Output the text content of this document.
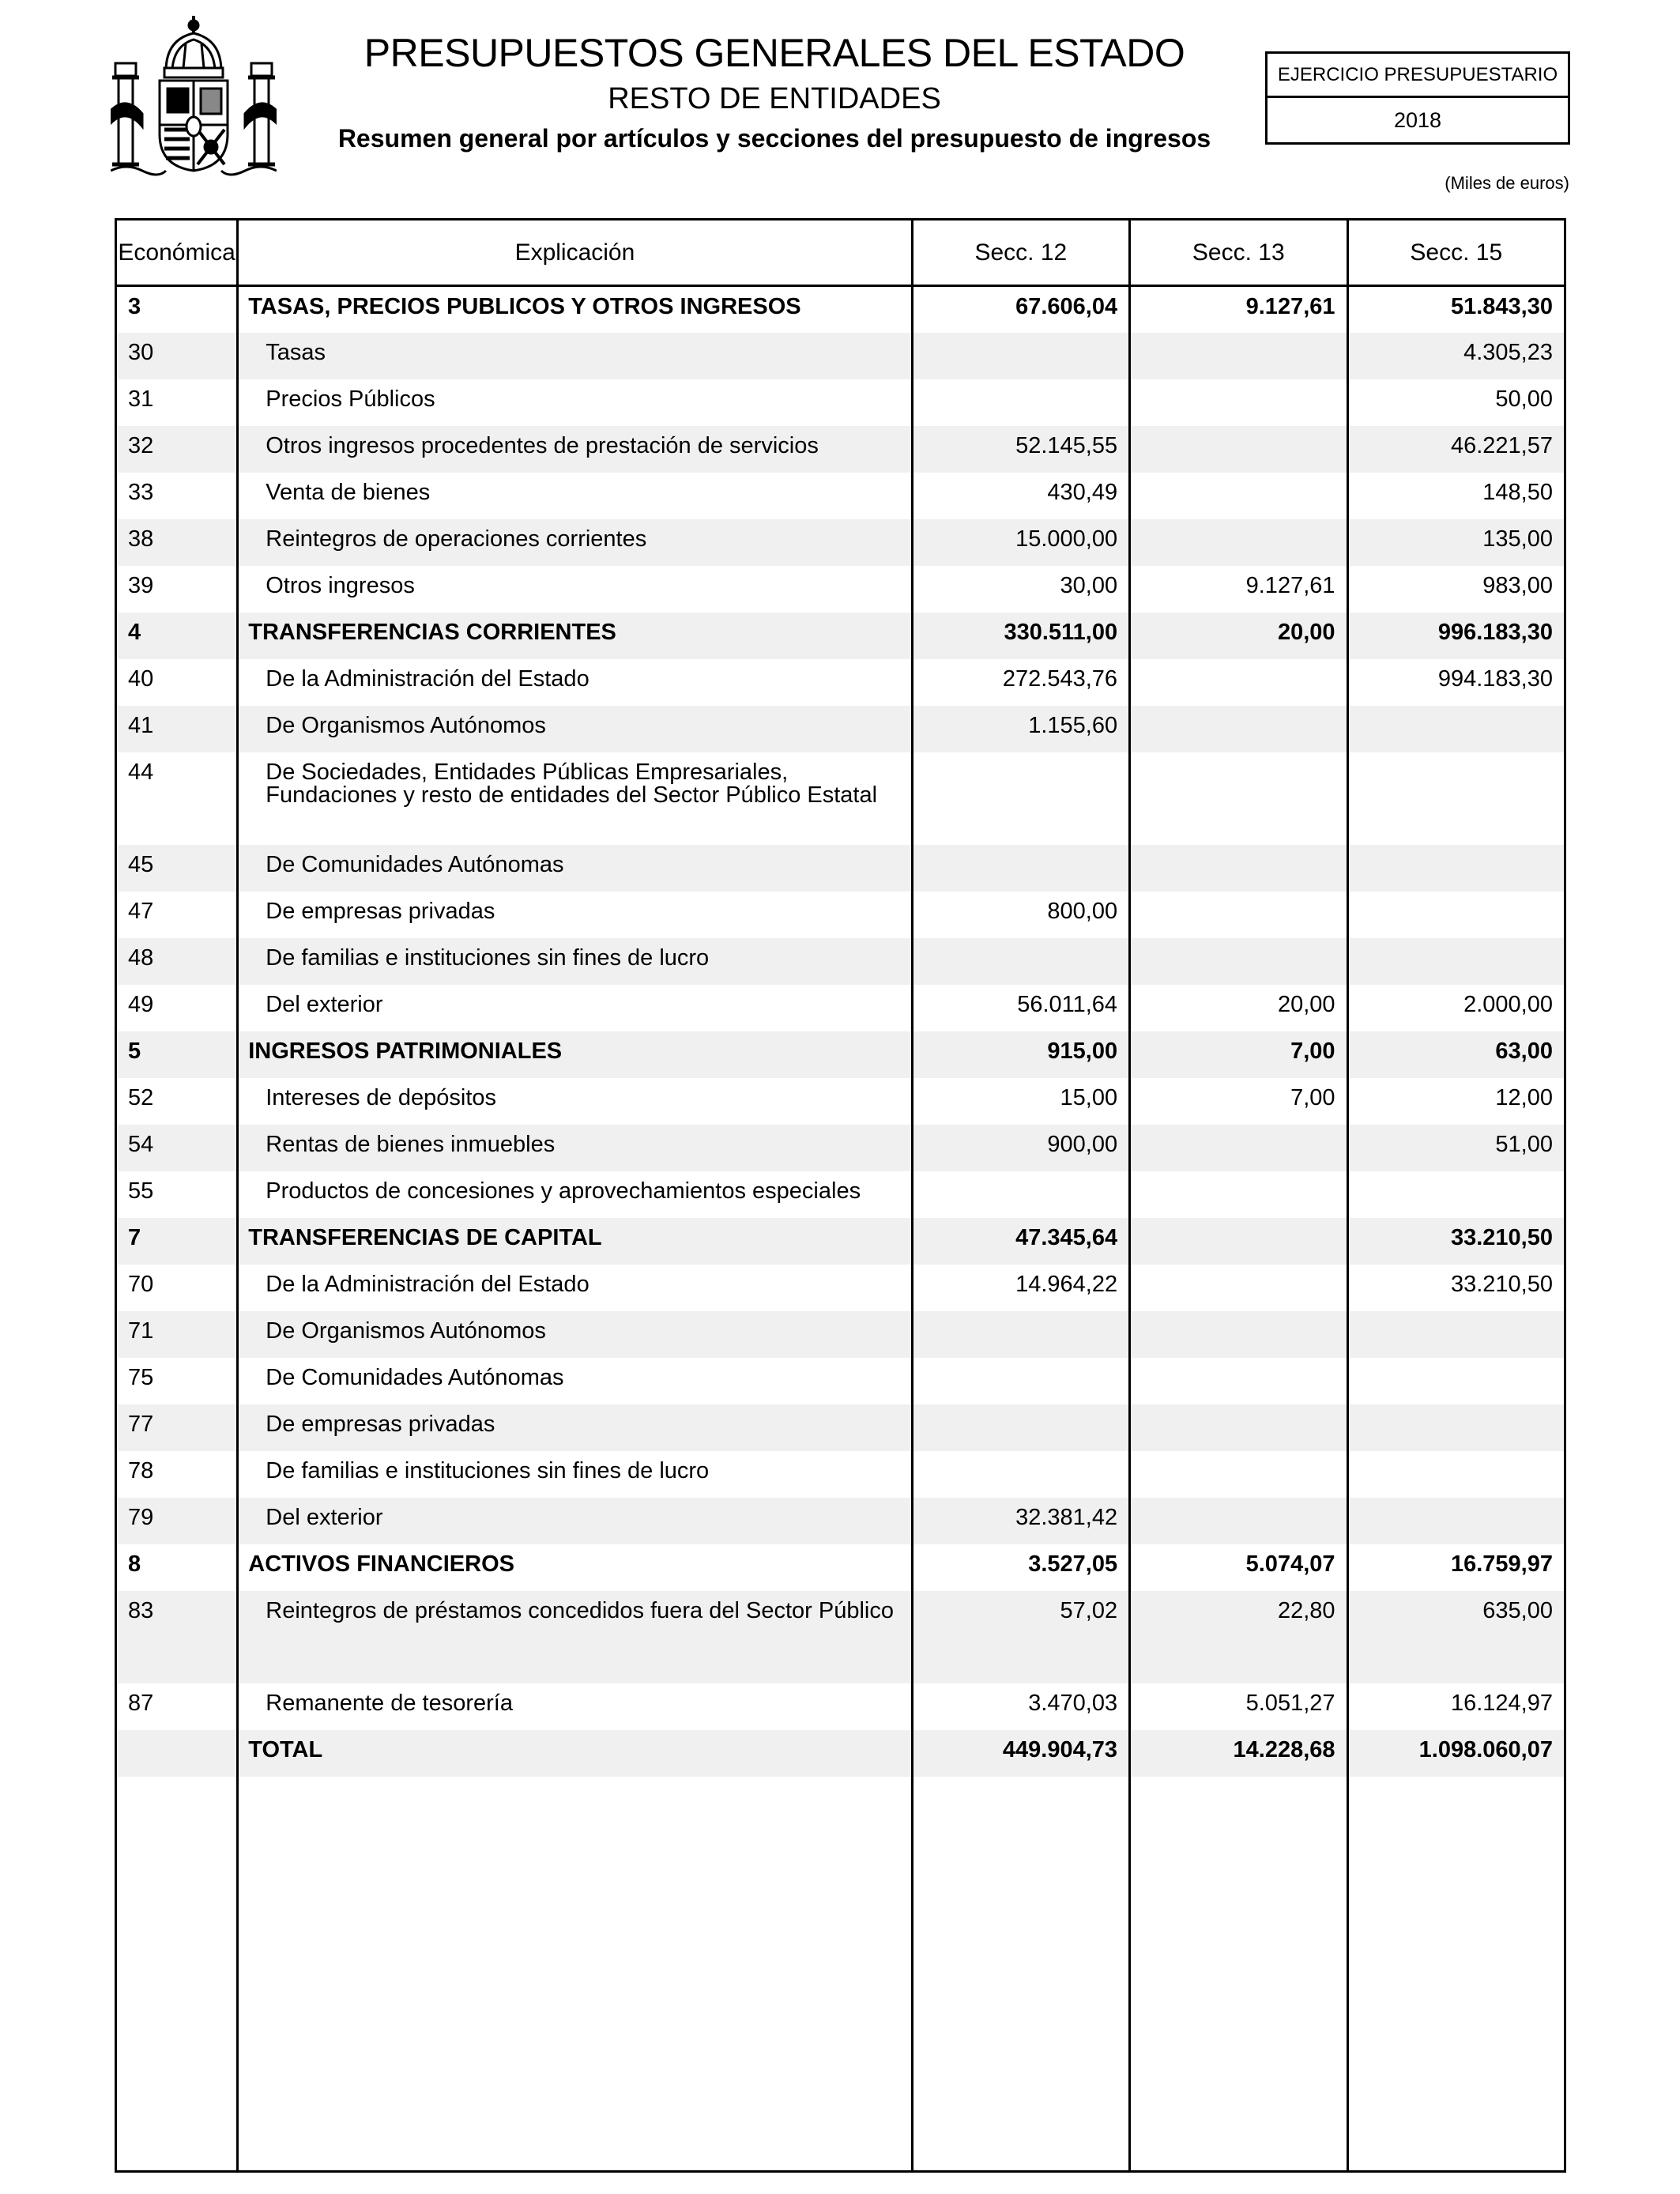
PRESUPUESTOS GENERALES DEL ESTADO
RESTO DE ENTIDADES
Resumen general por artículos y secciones del presupuesto de ingresos
EJERCICIO PRESUPUESTARIO
2018
(Miles de euros)
Económica	Explicación	Secc. 12	Secc. 13	Secc. 15
3	TASAS, PRECIOS PUBLICOS Y OTROS INGRESOS	67.606,04	9.127,61	51.843,30
30	Tasas			4.305,23
31	Precios Públicos			50,00
32	Otros ingresos procedentes de prestación de servicios	52.145,55		46.221,57
33	Venta de bienes	430,49		148,50
38	Reintegros de operaciones corrientes	15.000,00		135,00
39	Otros ingresos	30,00	9.127,61	983,00
4	TRANSFERENCIAS CORRIENTES	330.511,00	20,00	996.183,30
40	De la Administración del Estado	272.543,76		994.183,30
41	De Organismos Autónomos	1.155,60		
44	De Sociedades, Entidades Públicas Empresariales, Fundaciones y resto de entidades del Sector Público Estatal			
45	De Comunidades Autónomas			
47	De empresas privadas	800,00		
48	De familias e instituciones sin fines de lucro			
49	Del exterior	56.011,64	20,00	2.000,00
5	INGRESOS PATRIMONIALES	915,00	7,00	63,00
52	Intereses de depósitos	15,00	7,00	12,00
54	Rentas de bienes inmuebles	900,00		51,00
55	Productos de concesiones y aprovechamientos especiales			
7	TRANSFERENCIAS DE CAPITAL	47.345,64		33.210,50
70	De la Administración del Estado	14.964,22		33.210,50
71	De Organismos Autónomos			
75	De Comunidades Autónomas			
77	De empresas privadas			
78	De familias e instituciones sin fines de lucro			
79	Del exterior	32.381,42		
8	ACTIVOS FINANCIEROS	3.527,05	5.074,07	16.759,97
83	Reintegros de préstamos concedidos fuera del Sector Público	57,02	22,80	635,00
87	Remanente de tesorería	3.470,03	5.051,27	16.124,97
	TOTAL	449.904,73	14.228,68	1.098.060,07
